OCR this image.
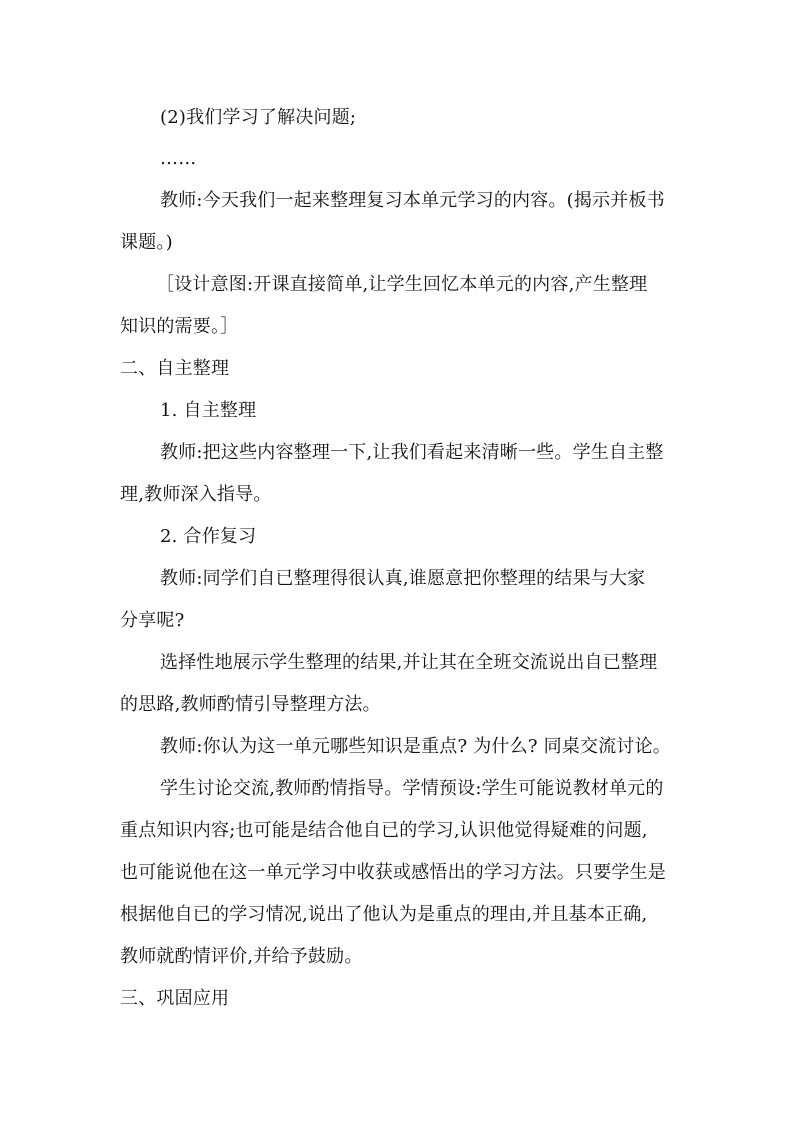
(2)我们学习了解决问题;
……
教师:今天我们一起来整理复习本单元学习的内容。(揭示并板书
课题。)
［设计意图:开课直接简单,让学生回忆本单元的内容,产生整理
知识的需要。］
二、自主整理
1. 自主整理
教师:把这些内容整理一下,让我们看起来清晰一些。学生自主整
理,教师深入指导。
2. 合作复习
教师:同学们自已整理得很认真,谁愿意把你整理的结果与大家
分享呢?
选择性地展示学生整理的结果,并让其在全班交流说出自已整理
的思路,教师酌情引导整理方法。
教师:你认为这一单元哪些知识是重点? 为什么? 同桌交流讨论。
学生讨论交流,教师酌情指导。学情预设:学生可能说教材单元的
重点知识内容;也可能是结合他自已的学习,认识他觉得疑难的问题,
也可能说他在这一单元学习中收获或感悟出的学习方法。只要学生是
根据他自已的学习情况,说出了他认为是重点的理由,并且基本正确,
教师就酌情评价,并给予鼓励。
三、巩固应用
